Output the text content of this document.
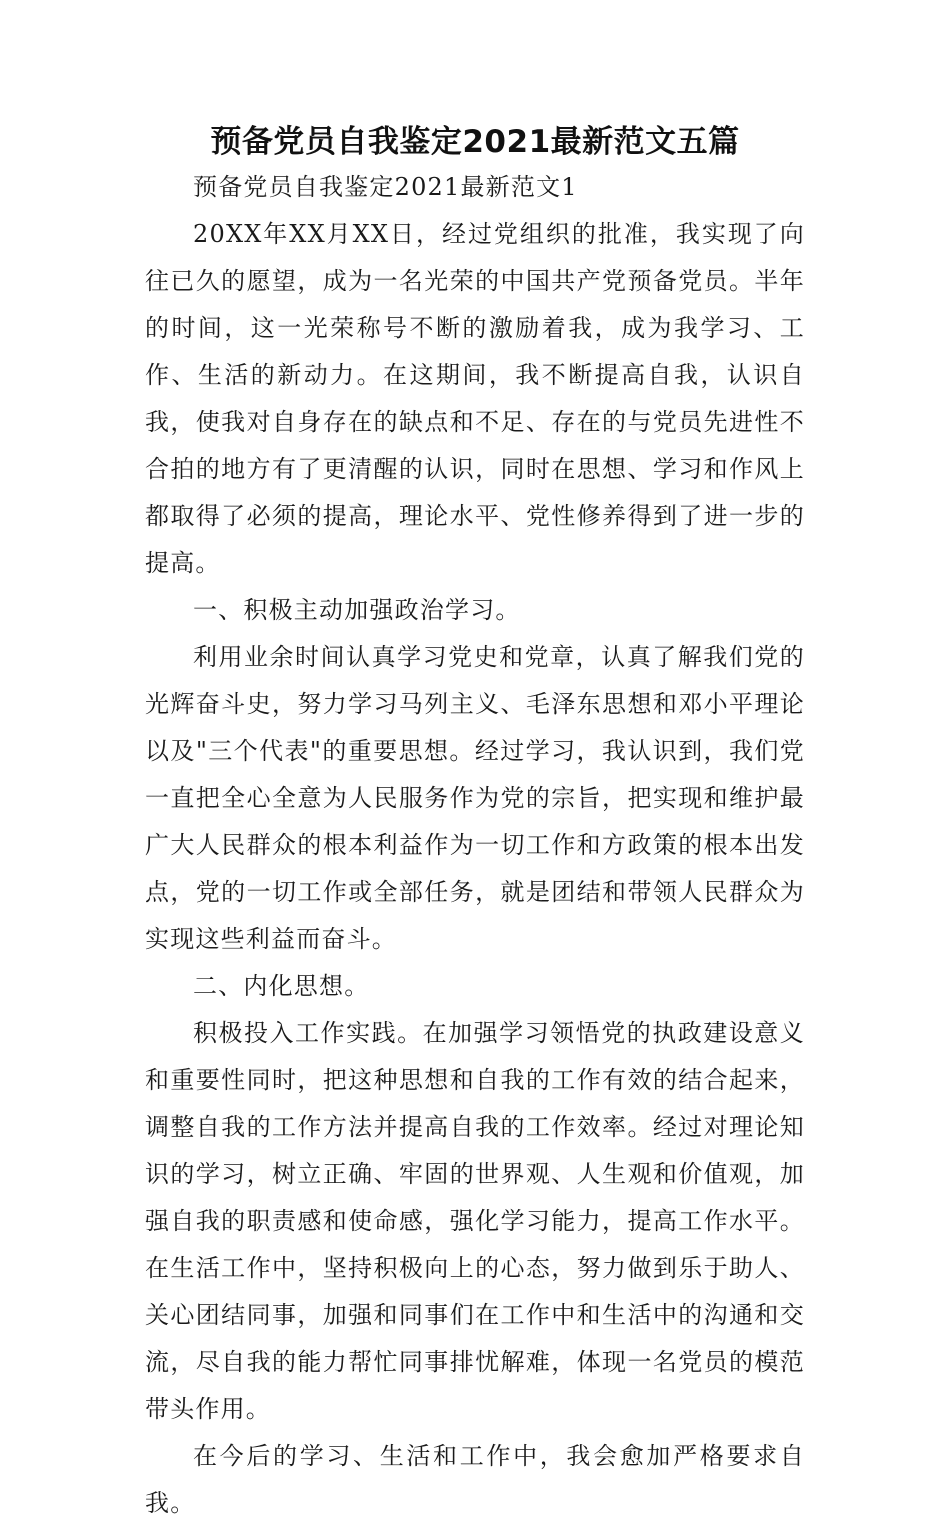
预备党员自我鉴定2021最新范文五篇

预备党员自我鉴定2021最新范文1

20XX年XX月XX日，经过党组织的批准，我实现了向往已久的愿望，成为一名光荣的中国共产党预备党员。半年的时间，这一光荣称号不断的激励着我，成为我学习、工作、生活的新动力。在这期间，我不断提高自我，认识自我，使我对自身存在的缺点和不足、存在的与党员先进性不合拍的地方有了更清醒的认识，同时在思想、学习和作风上都取得了必须的提高，理论水平、党性修养得到了进一步的提高。

一、积极主动加强政治学习。

利用业余时间认真学习党史和党章，认真了解我们党的光辉奋斗史，努力学习马列主义、毛泽东思想和邓小平理论以及"三个代表"的重要思想。经过学习，我认识到，我们党一直把全心全意为人民服务作为党的宗旨，把实现和维护最广大人民群众的根本利益作为一切工作和方政策的根本出发点，党的一切工作或全部任务，就是团结和带领人民群众为实现这些利益而奋斗。

二、内化思想。

积极投入工作实践。在加强学习领悟党的执政建设意义和重要性同时，把这种思想和自我的工作有效的结合起来，调整自我的工作方法并提高自我的工作效率。经过对理论知识的学习，树立正确、牢固的世界观、人生观和价值观，加强自我的职责感和使命感，强化学习能力，提高工作水平。在生活工作中，坚持积极向上的心态，努力做到乐于助人、关心团结同事，加强和同事们在工作中和生活中的沟通和交流，尽自我的能力帮忙同事排忧解难，体现一名党员的模范带头作用。

在今后的学习、生活和工作中，我会愈加严格要求自我。
